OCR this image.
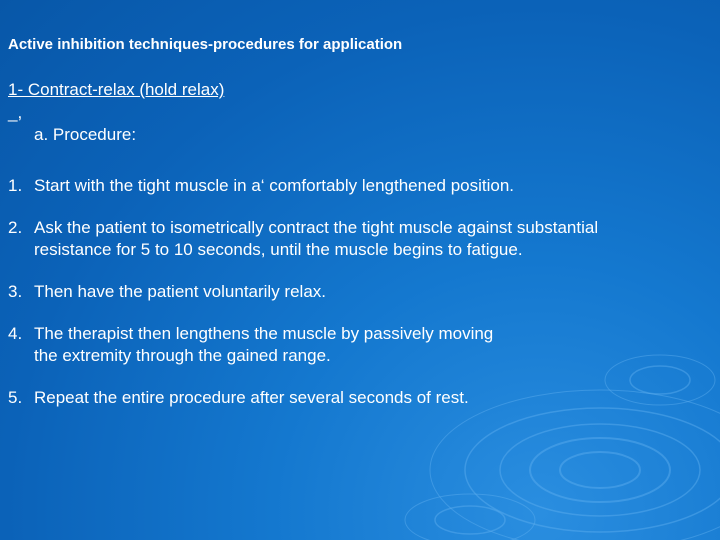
Active inhibition techniques-procedures for application
1- Contract-relax (hold relax)
_,
a. Procedure:
1. Start with the tight muscle in a‘ comfortably lengthened position.
2. Ask the patient to isometrically contract the tight muscle against substantial resistance for 5 to 10 seconds, until the muscle begins to fatigue.
3. Then have the patient voluntarily relax.
4. The therapist then lengthens the muscle by passively moving the extremity through the gained range.
5. Repeat the entire procedure after several seconds of rest.
